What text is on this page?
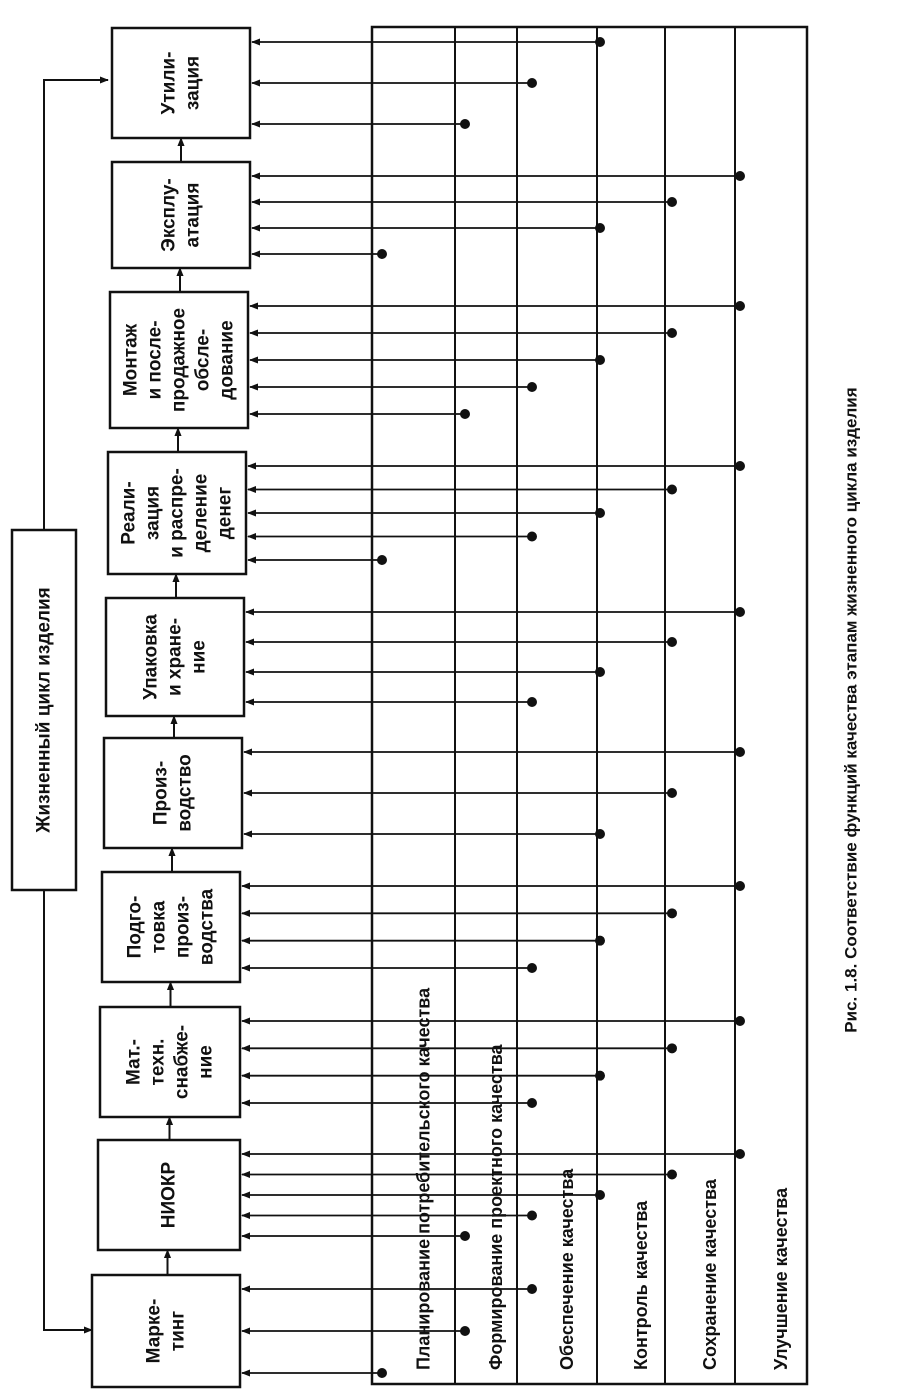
Жизненный цикл изделия
Планирование потребительского качества	Формирование проектного качества	Обеспечение качества	Контроль качества	Сохранение качества	Улучшение качества
Марке- тинг
НИОКР
Мат.- техн. снабже- ние
Подго- товка произ- водства
Произ- водство
Упаковка и хране- ние
Реали- зация и распре- деление денег
Монтаж и после- продажное обсле- дование
Эксплу- атация
Утили- зация
Рис. 1.8. Соответствие функций качества этапам жизненного цикла изделия
